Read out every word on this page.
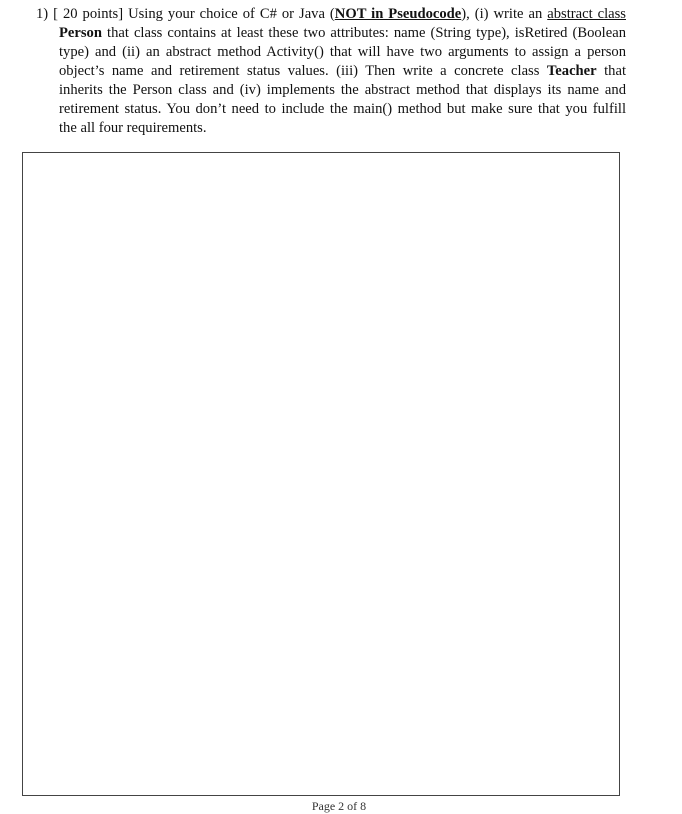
1) [ 20 points] Using your choice of C# or Java (NOT in Pseudocode), (i) write an abstract class
Person that class contains at least these two attributes: name (String type), isRetired (Boolean
type) and (ii) an abstract method Activity() that will have two arguments to assign a person
object’s name and retirement status values. (iii) Then write a concrete class Teacher that
inherits the Person class and (iv) implements the abstract method that displays its name and
retirement status. You don’t need to include the main() method but make sure that you fulfill
the all four requirements.
Page 2 of 8
